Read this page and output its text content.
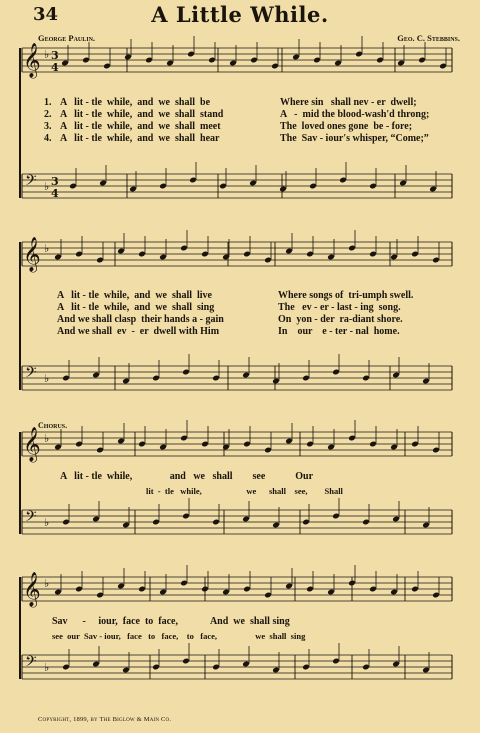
34	A Little While.
George Paulin.	Geo. C. Stebbins.
𝄞
𝄢
♭
♭
3
4
3
4
𝄞
𝄢
♭
♭
𝄞
𝄢
♭
♭
𝄞
𝄢
♭
♭
1.
2.
3.
4.
A   lit - tle  while,  and  we  shall  be
A   lit - tle  while,  and  we  shall  stand
A   lit - tle  while,  and  we  shall  meet
A   lit - tle  while,  and  we  shall  hear
Where sin   shall nev - er  dwell;
A   -  mid the blood-wash'd throng;
The  loved ones gone  be - fore;
The  Sav - iour's whisper, “Come;”
A   lit - tle  while,  and  we  shall  live
A   lit - tle  while,  and  we  shall  sing
And we shall clasp  their hands a - gain
And we shall  ev  -  er  dwell with Him
Where songs of  tri-umph swell.
The   ev - er - last - ing  song.
On  yon - der  ra-diant shore.
In    our    e - ter - nal  home.
Chorus.
A   lit - tle  while,               and   we   shall        see            Our
lit  -  tle   while,                     we      shall    see,        Shall
Sav      -     iour,  face  to  face,             And  we  shall sing
see  our  Sav - iour,   face   to   face,    to   face,                  we  shall  sing
Copyright, 1899, by The Biglow & Main Co.
